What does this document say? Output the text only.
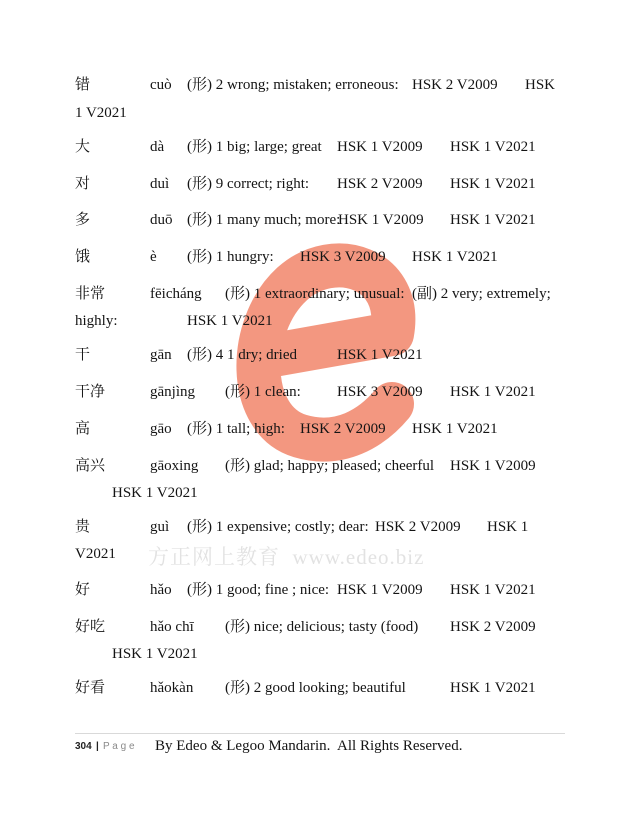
方正网上教育  www.edeo.biz
错	cuò (形) 2 wrong; mistaken; erroneous: HSK 2 V2009 HSK
1 V2021
大	dà (形) 1 big; large; great HSK 1 V2009 HSK 1 V2021
对	duì (形) 9 correct; right: HSK 2 V2009 HSK 1 V2021
多	duō (形) 1 many much; more:
HSK 1 V2009 HSK 1 V2021
饿	è (形) 1 hungry: HSK 3 V2009 HSK 1 V2021
非常	fēicháng (形) 1 extraordinary; unusual:  (副) 2 very; extremely;
highly:	HSK 1 V2021
干	gān (形) 4 1 dry; dried	HSK 1 V2021
干净	gānjìng (形) 1 clean: HSK 3 V2009 HSK 1 V2021
高	gāo (形) 1 tall; high: HSK 2 V2009 HSK 1 V2021
高兴	gāoxing (形) glad; happy; pleased; cheerful HSK 1 V2009
HSK 1 V2021
贵	guì (形) 1 expensive; costly; dear: HSK 2 V2009 HSK 1
V2021
好	hǎo (形) 1 good; fine ; nice: HSK 1 V2009 HSK 1 V2021
好吃	hǎo chī (形) nice; delicious; tasty (food) HSK 2 V2009
HSK 1 V2021
好看	hǎokàn (形) 2 good looking; beautiful	HSK 1 V2021
304 | P a g e By Edeo & Legoo Mandarin.  All Rights Reserved.
